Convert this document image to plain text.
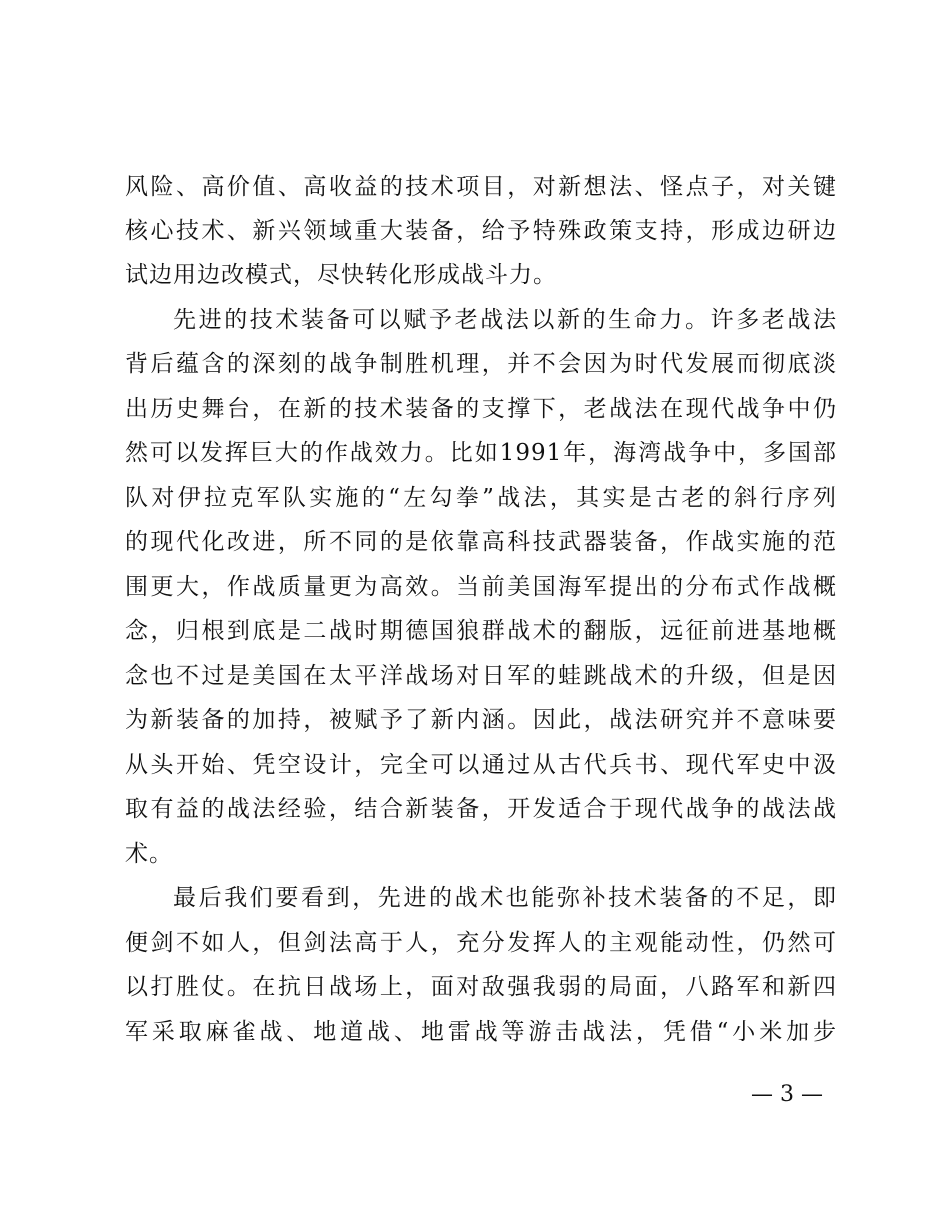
风险、高价值、高收益的技术项目，对新想法、怪点子，对关键
核心技术、新兴领域重大装备，给予特殊政策支持，形成边研边
试边用边改模式，尽快转化形成战斗力。
先进的技术装备可以赋予老战法以新的生命力。许多老战法
背后蕴含的深刻的战争制胜机理，并不会因为时代发展而彻底淡
出历史舞台，在新的技术装备的支撑下，老战法在现代战争中仍
然可以发挥巨大的作战效力。比如1991年，海湾战争中，多国部
队对伊拉克军队实施的“左勾拳”战法，其实是古老的斜行序列
的现代化改进，所不同的是依靠高科技武器装备，作战实施的范
围更大，作战质量更为高效。当前美国海军提出的分布式作战概
念，归根到底是二战时期德国狼群战术的翻版，远征前进基地概
念也不过是美国在太平洋战场对日军的蛙跳战术的升级，但是因
为新装备的加持，被赋予了新内涵。因此，战法研究并不意味要
从头开始、凭空设计，完全可以通过从古代兵书、现代军史中汲
取有益的战法经验，结合新装备，开发适合于现代战争的战法战
术。
最后我们要看到，先进的战术也能弥补技术装备的不足，即
便剑不如人，但剑法高于人，充分发挥人的主观能动性，仍然可
以打胜仗。在抗日战场上，面对敌强我弱的局面，八路军和新四
军采取麻雀战、地道战、地雷战等游击战法，凭借“小米加步
— 3 —
